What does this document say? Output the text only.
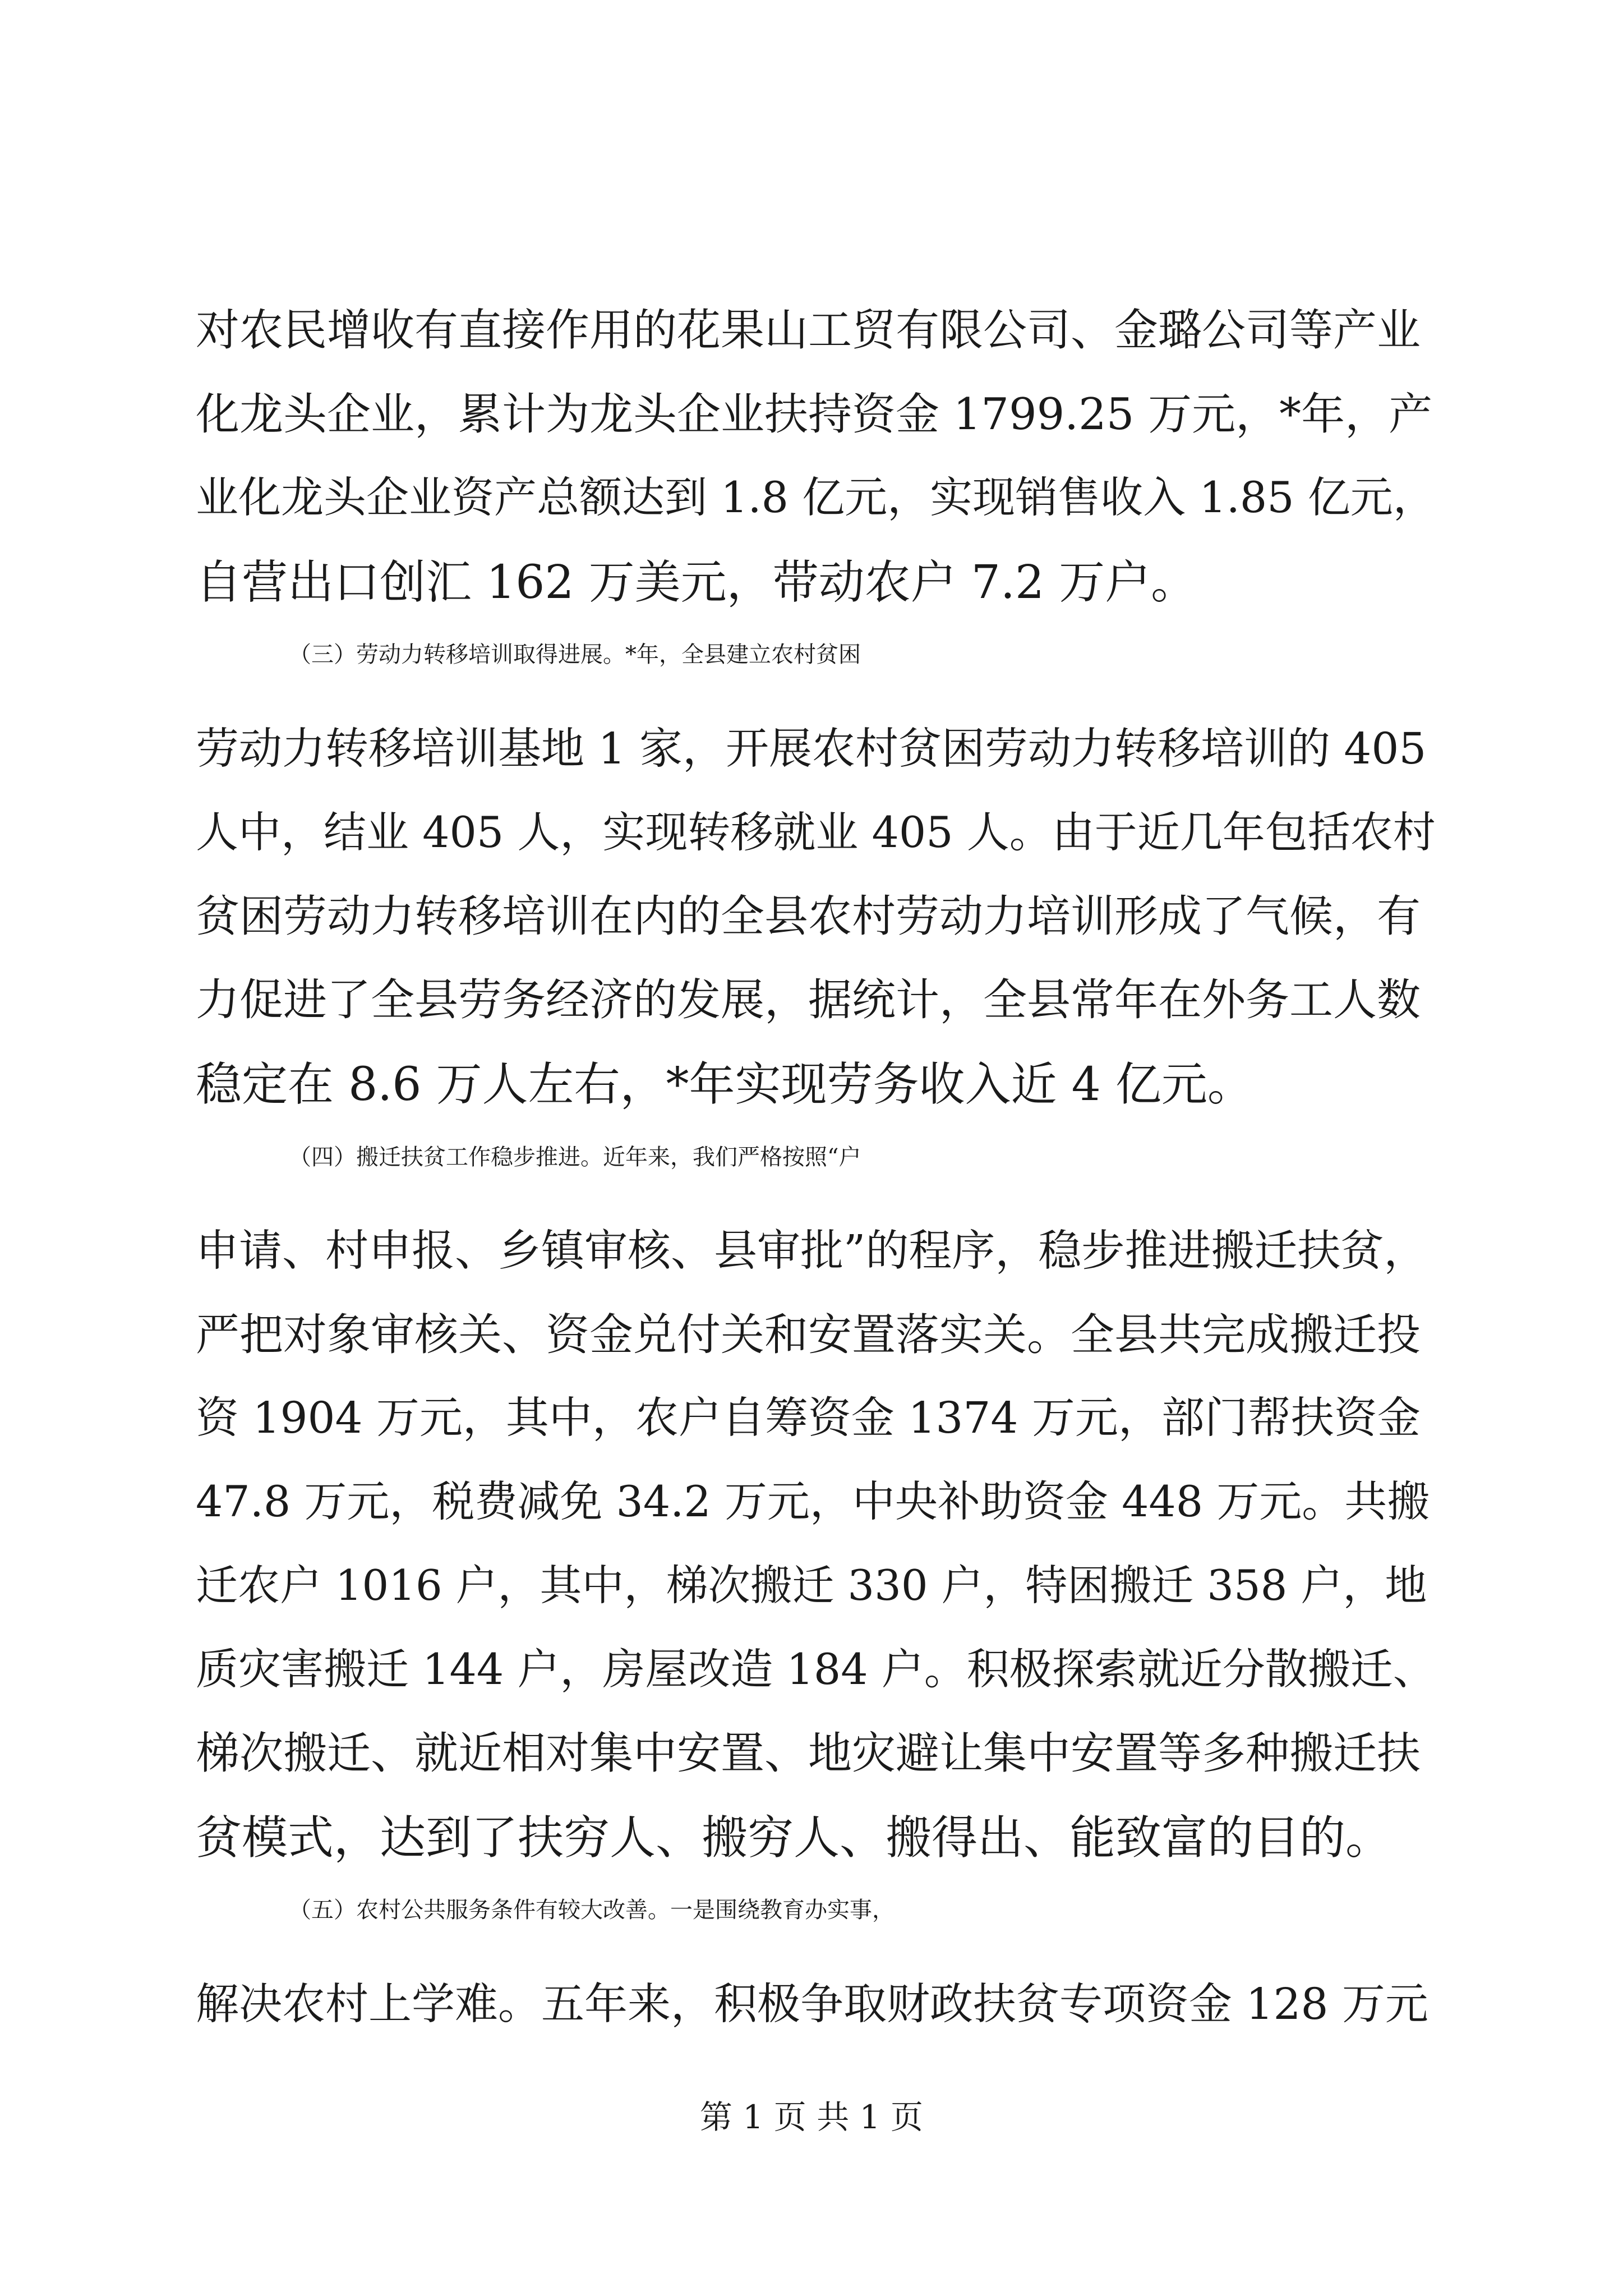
对农民增收有直接作用的花果山工贸有限公司、金璐公司等产业
化龙头企业，累计为龙头企业扶持资金 1799.25 万元，*年，产
业化龙头企业资产总额达到 1.8 亿元，实现销售收入 1.85 亿元，
自营出口创汇 162 万美元，带动农户 7.2 万户。
（三）劳动力转移培训取得进展。*年，全县建立农村贫困
劳动力转移培训基地 1 家，开展农村贫困劳动力转移培训的 405
人中，结业 405 人，实现转移就业 405 人。由于近几年包括农村
贫困劳动力转移培训在内的全县农村劳动力培训形成了气候，有
力促进了全县劳务经济的发展，据统计，全县常年在外务工人数
稳定在 8.6 万人左右，*年实现劳务收入近 4 亿元。
（四）搬迁扶贫工作稳步推进。近年来，我们严格按照“户
申请、村申报、乡镇审核、县审批”的程序，稳步推进搬迁扶贫，
严把对象审核关、资金兑付关和安置落实关。全县共完成搬迁投
资 1904 万元，其中，农户自筹资金 1374 万元，部门帮扶资金
47.8 万元，税费减免 34.2 万元，中央补助资金 448 万元。共搬
迁农户 1016 户，其中，梯次搬迁 330 户，特困搬迁 358 户，地
质灾害搬迁 144 户，房屋改造 184 户。积极探索就近分散搬迁、
梯次搬迁、就近相对集中安置、地灾避让集中安置等多种搬迁扶
贫模式，达到了扶穷人、搬穷人、搬得出、能致富的目的。
（五）农村公共服务条件有较大改善。一是围绕教育办实事，
解决农村上学难。五年来，积极争取财政扶贫专项资金 128 万元
第 1 页 共 1 页
